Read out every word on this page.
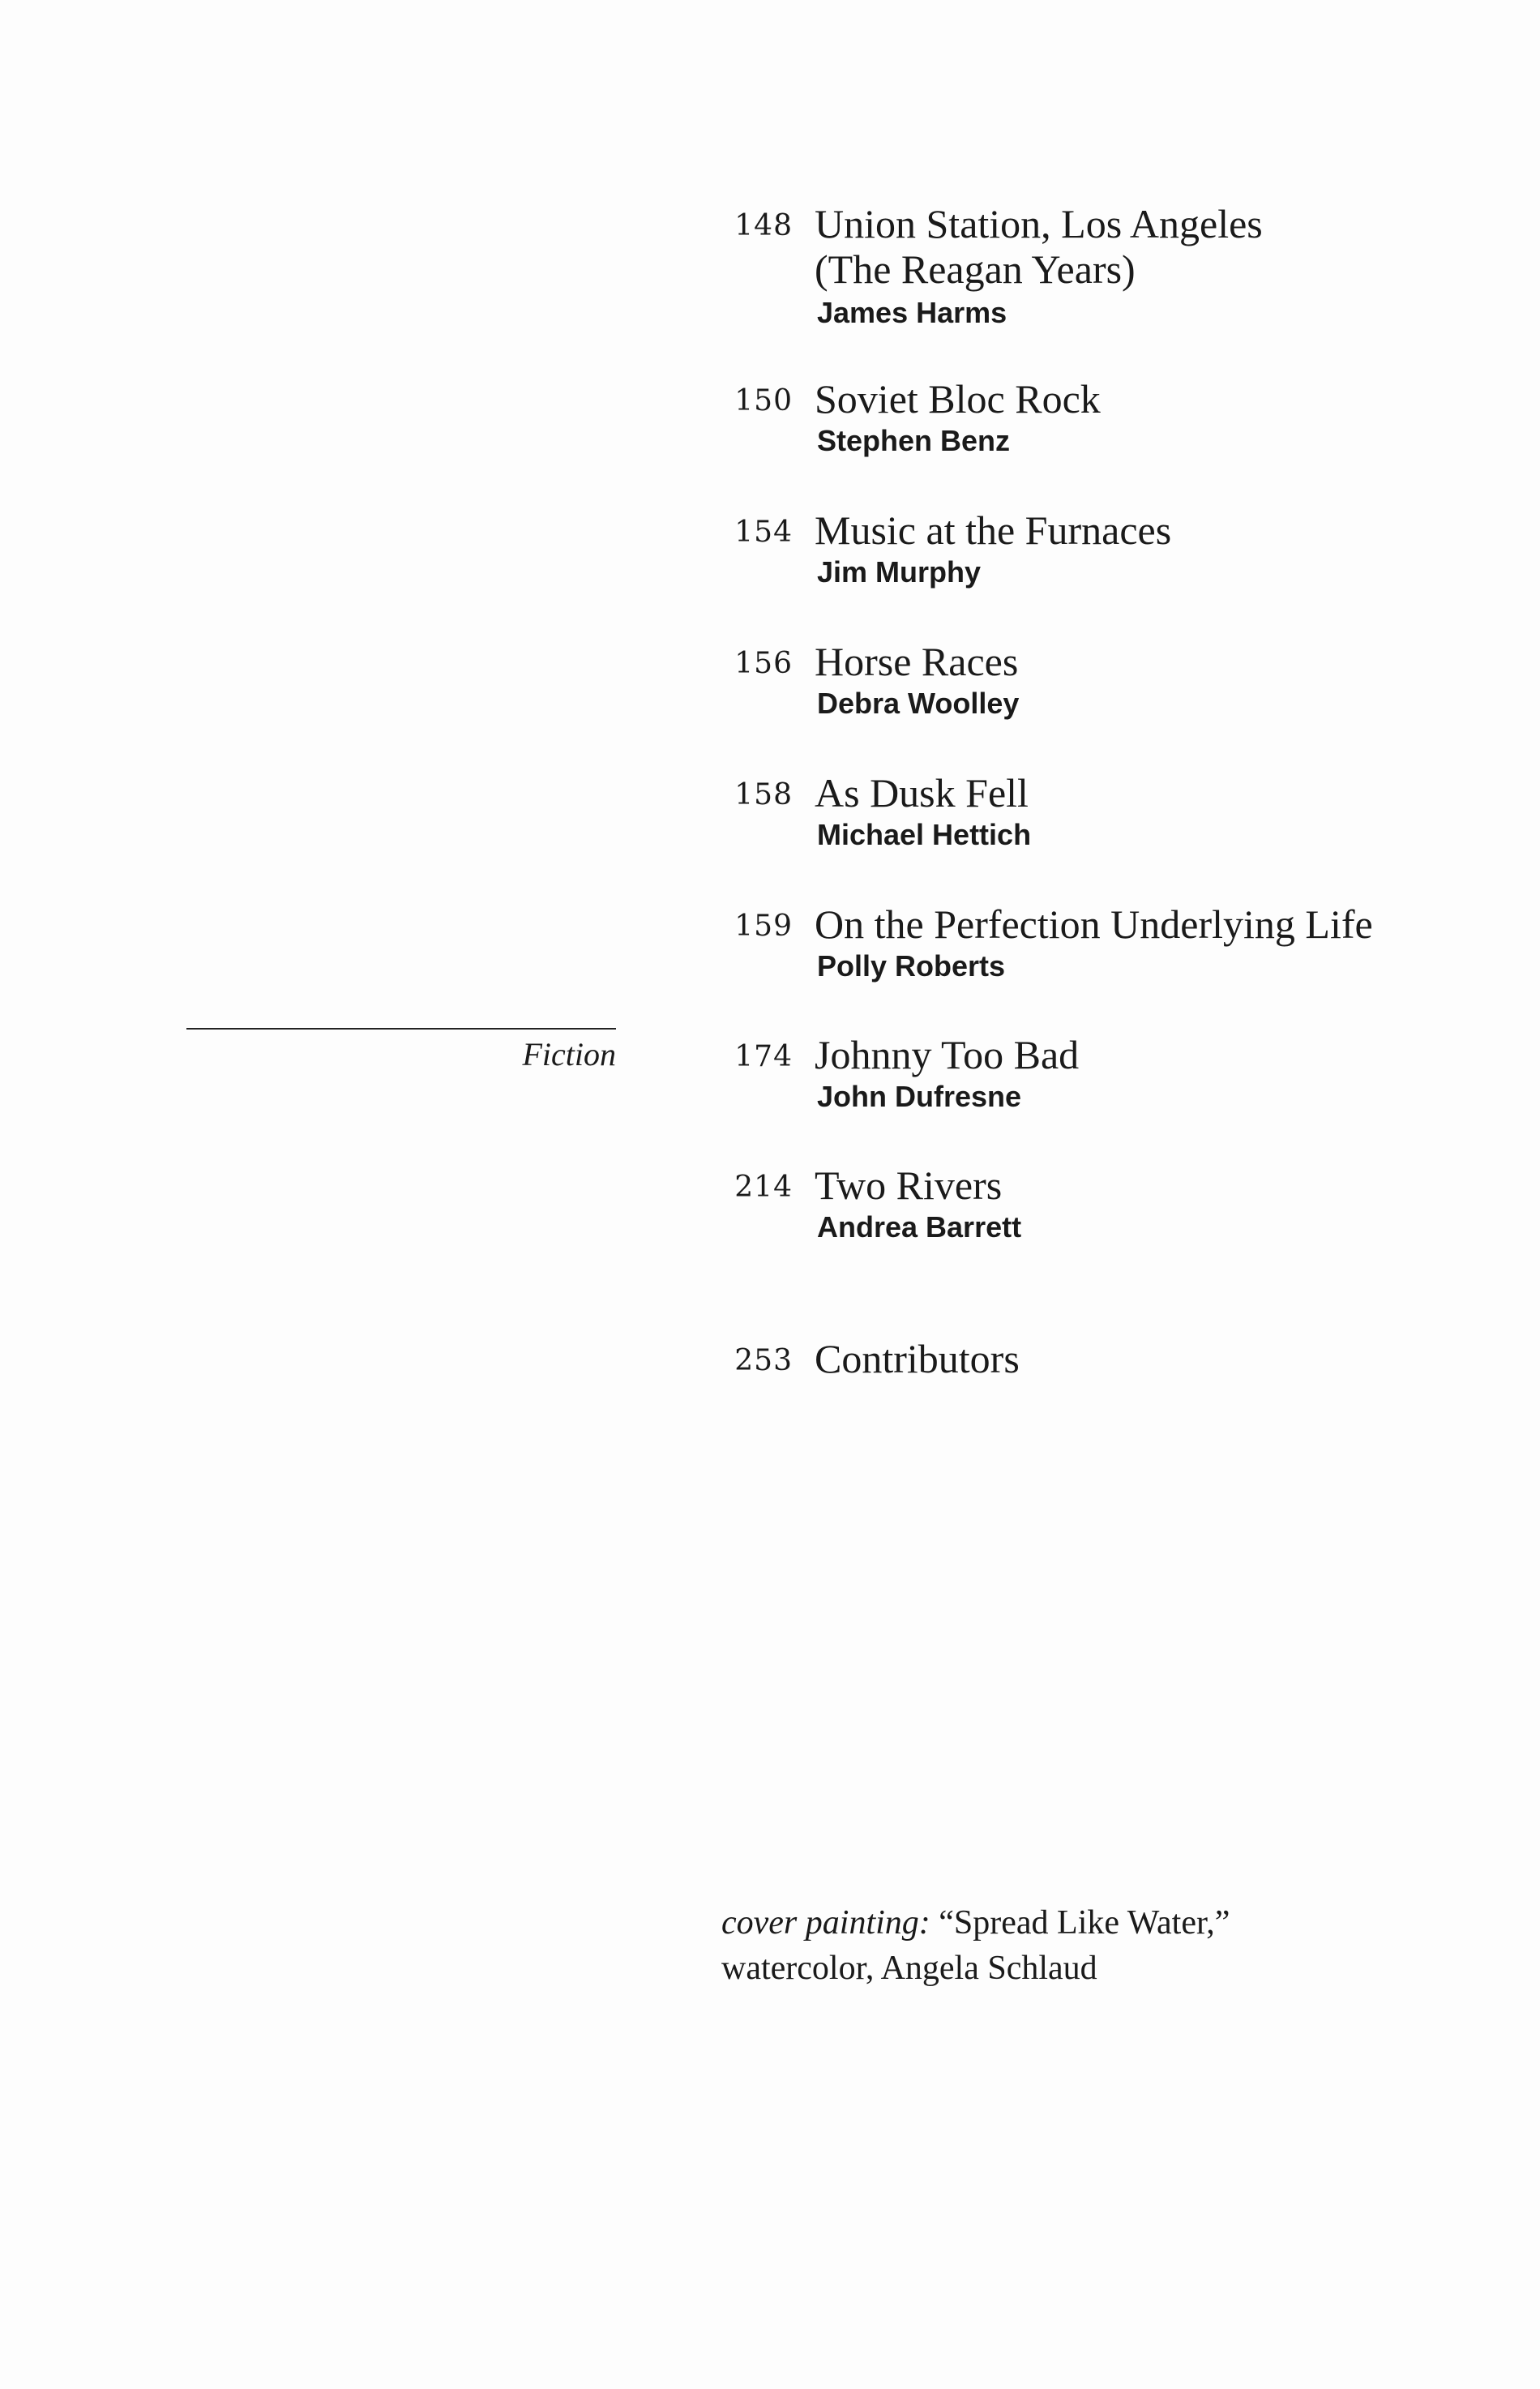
148 Union Station, Los Angeles
(The Reagan Years)
James Harms
150 Soviet Bloc Rock
Stephen Benz
154 Music at the Furnaces
Jim Murphy
156 Horse Races
Debra Woolley
158 As Dusk Fell
Michael Hettich
159 On the Perfection Underlying Life
Polly Roberts
Fiction	174 Johnny Too Bad
John Dufresne
214 Two Rivers
Andrea Barrett
253 Contributors
cover painting: “Spread Like Water,”
watercolor, Angela Schlaud
